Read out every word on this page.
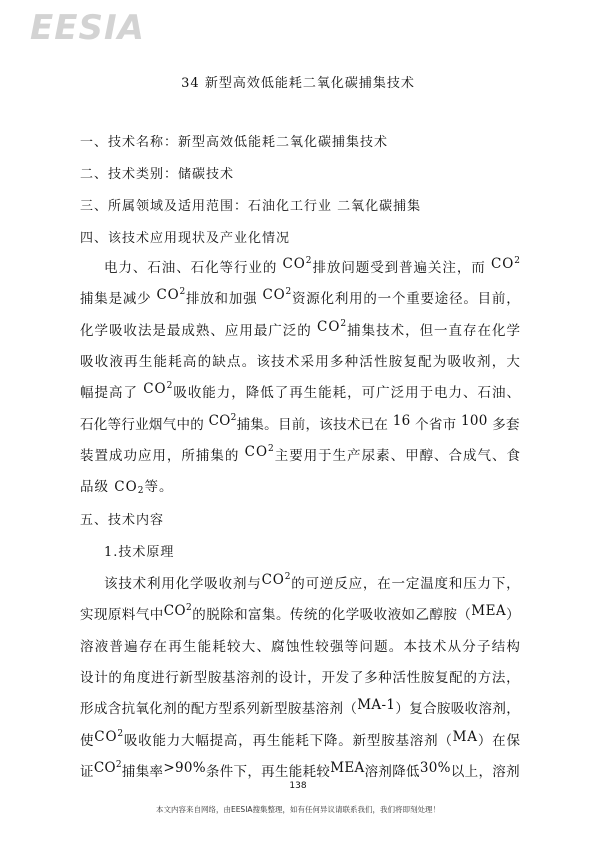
EESIA
34 新型高效低能耗二氧化碳捕集技术
一、技术名称：新型高效低能耗二氧化碳捕集技术
二、技术类别：储碳技术
三、所属领域及适用范围：石油化工行业 二氧化碳捕集
四、该技术应用现状及产业化情况
电 力 、 石 油 、 石 化 等 行 业 的
C O 2 排 放 问 题 受 到 普 遍 关 注 ， 而
C O 2
捕 集 是 减 少
C O 2 排 放 和 加 强
C O 2 资 源 化 利 用 的 一 个 重 要 途 径 。 目 前 ，
化 学 吸 收 法 是 最 成 熟 、 应 用 最 广 泛 的
C O 2 捕 集 技 术 ， 但 一 直 存 在 化 学
吸 收 液 再 生 能 耗 高 的 缺 点 。 该 技 术 采 用 多 种 活 性 胺 复 配 为 吸 收 剂 ， 大
幅 提 高 了
C O 2 吸 收 能 力 ， 降 低 了 再 生 能 耗 ， 可 广 泛 用 于 电 力 、 石 油 、
石 化 等 行 业 烟 气 中 的
C O 2 捕 集 。 目 前 ， 该 技 术 已 在
1 6
个 省 市
1 0 0
多 套
装 置 成 功 应 用 ， 所 捕 集 的
C O 2 主 要 用 于 生 产 尿 素 、 甲 醇 、 合 成 气 、 食
品级 $CO_2$等。
五、技术内容
1.技术原理
该 技 术 利 用 化 学 吸 收 剂 与 C O 2 的 可 逆 反 应 ， 在 一 定 温 度 和 压 力 下 ，
实 现 原 料 气 中 C O 2 的 脱 除 和 富 集 。 传 统 的 化 学 吸 收 液 如 乙 醇 胺 （ M E A ）
溶 液 普 遍 存 在 再 生 能 耗 较 大 、 腐 蚀 性 较 强 等 问 题 。 本 技 术 从 分 子 结 构
设 计 的 角 度 进 行 新 型 胺 基 溶 剂 的 设 计 ， 开 发 了 多 种 活 性 胺 复 配 的 方 法 ，
形 成 含 抗 氧 化 剂 的 配 方 型 系 列 新 型 胺 基 溶 剂 （ M A - 1 ） 复 合 胺 吸 收 溶 剂 ，
使 C O 2 吸 收 能 力 大 幅 提 高 ， 再 生 能 耗 下 降 。 新 型 胺 基 溶 剂 （ M A ） 在 保
证 C O 2 捕 集 率 > 9 0 % 条 件 下 ， 再 生 能 耗 较 M E A 溶 剂 降 低 3 0 % 以 上 ， 溶 剂
138
本文内容来自网络，由EESIA搜集整理，如有任何异议请联系我们，我们将即刻处理！
